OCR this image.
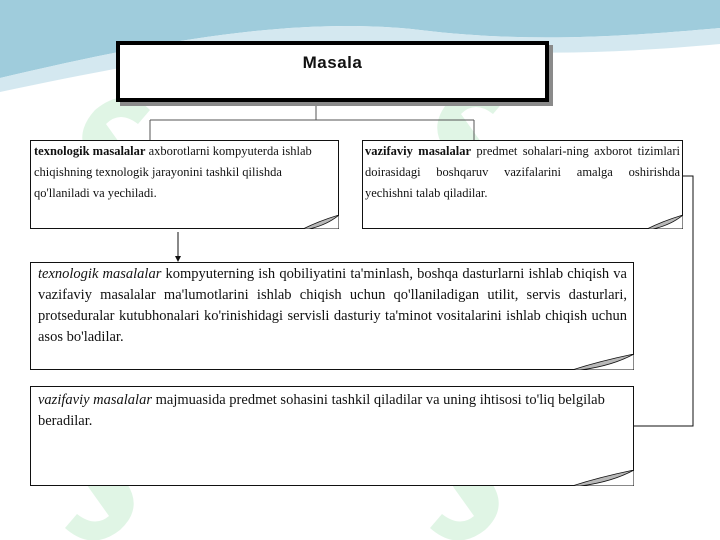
Masala

texnologik masalalar axborotlarni kompyuterda ishlab chiqishning texnologik jarayonini tashkil qilishda qo'llaniladi va yechiladi.

vazifaviy masalalar predmet sohalari-ning axborot tizimlari doirasidagi boshqaruv vazifalarini amalga oshirishda yechishni talab qiladilar.

texnologik masalalar kompyuterning ish qobiliyatini ta'minlash, boshqa dasturlarni ishlab chiqish va vazifaviy masalalar ma'lumotlarini ishlab chiqish uchun qo'llaniladigan utilit, servis dasturlari, protseduralar kutubhonalari ko'rinishidagi servisli dasturiy ta'minot vositalarini ishlab chiqish uchun asos bo'ladilar.

vazifaviy masalalar majmuasida predmet sohasini tashkil qiladilar va uning ihtisosi to'liq belgilab beradilar.
